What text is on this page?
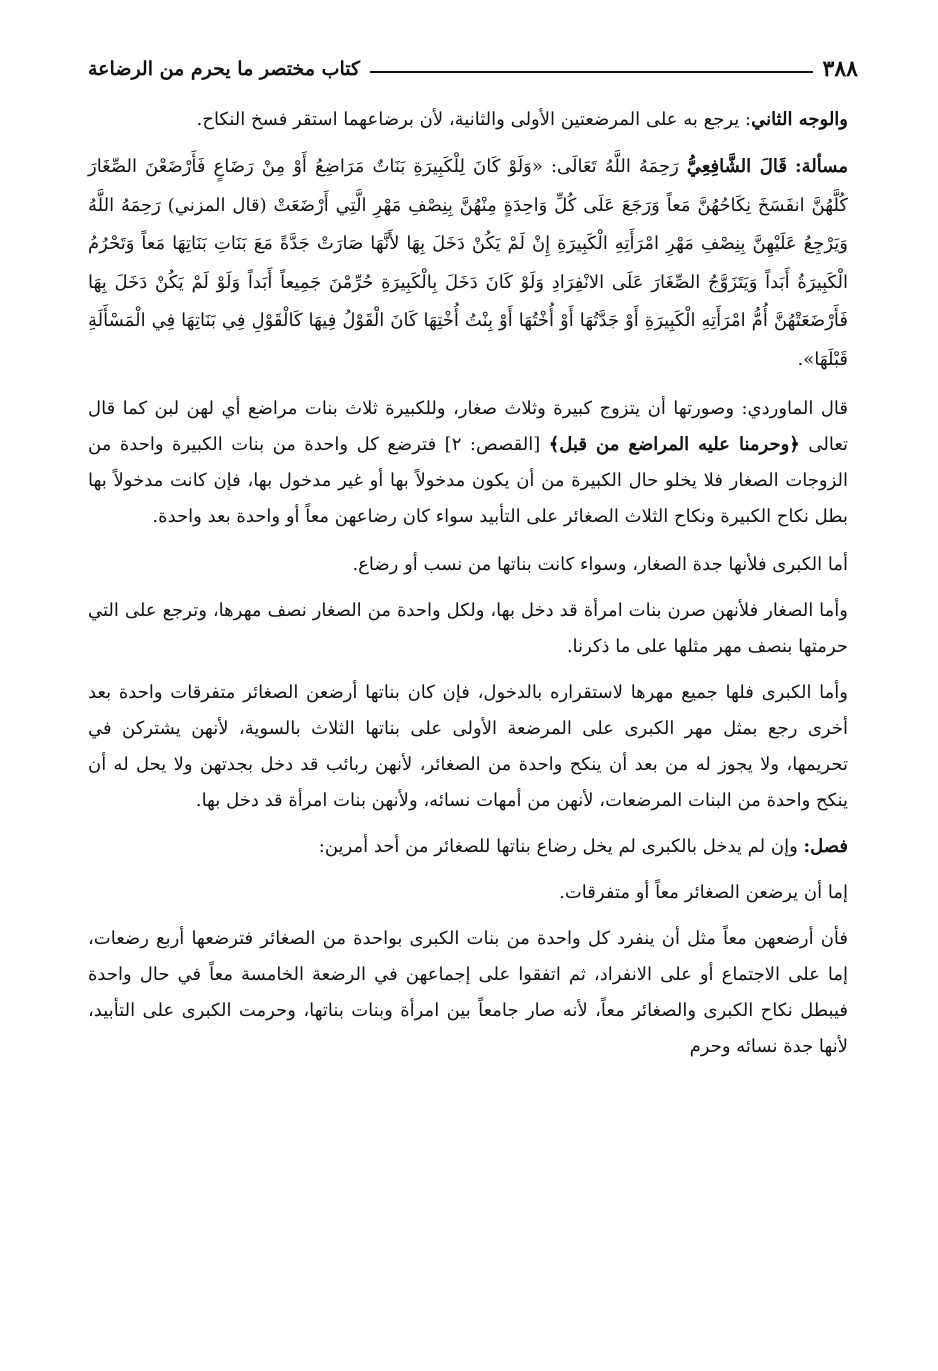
٣٨٨
كتاب مختصر ما يحرم من الرضاعة

والوجه الثاني: يرجع به على المرضعتين الأولى والثانية، لأن برضاعهما استقر فسخ النكاح.

مسألة: قَالَ الشَّافِعِيُّ رَحِمَهُ اللَّهُ تَعَالَى: «وَلَوْ كَانَ لِلْكَبِيرَةِ بَنَاتٌ مَرَاضِعُ أَوْ مِنْ رَضَاعٍ فَأَرْضَعْنَ الصِّغَارَ كُلَّهُنَّ انفَسَخَ نِكَاحُهُنَّ مَعاً وَرَجَعَ عَلَى كُلِّ وَاحِدَةٍ مِنْهُنَّ بِنِصْفِ مَهْرِ الَّتِي أَرْضَعَتْ (قال المزني) رَحِمَهُ اللَّهُ وَيَرْجِعُ عَلَيْهِنَّ بِنِصْفِ مَهْرِ امْرَأَتِهِ الْكَبِيرَةِ إِنْ لَمْ يَكُنْ دَخَلَ بِهَا لأَنَّهَا صَارَتْ جَدَّةً مَعَ بَنَاتِ بَنَاتِهَا مَعاً وَتَحْرُمُ الْكَبِيرَةُ أَبَداً وَيَتَزَوَّجُ الصِّغَارَ عَلَى الانْفِرَادِ وَلَوْ كَانَ دَخَلَ بِالْكَبِيرَةِ حُرِّمْنَ جَمِيعاً أَبَداً وَلَوْ لَمْ يَكُنْ دَخَلَ بِهَا فَأَرْضَعَتْهُنَّ أُمُّ امْرَأَتِهِ الْكَبِيرَةِ أَوْ جَدَّتُهَا أَوْ أُخْتُهَا أَوْ بِنْتُ أُخْتِهَا كَانَ الْقَوْلُ فِيهَا كَالْقَوْلِ فِي بَنَاتِهَا فِي الْمَسْأَلَةِ قَبْلَهَا».

قال الماوردي: وصورتها أن يتزوج كبيرة وثلاث صغار، وللكبيرة ثلاث بنات مراضع أي لهن لبن كما قال تعالى ﴿وحرمنا عليه المراضع من قبل﴾ [القصص: ٢] فترضع كل واحدة من بنات الكبيرة واحدة من الزوجات الصغار فلا يخلو حال الكبيرة من أن يكون مدخولاً بها أو غير مدخول بها، فإن كانت مدخولاً بها بطل نكاح الكبيرة ونكاح الثلاث الصغائر على التأبيد سواء كان رضاعهن معاً أو واحدة بعد واحدة.

أما الكبرى فلأنها جدة الصغار، وسواء كانت بناتها من نسب أو رضاع.

وأما الصغار فلأنهن صرن بنات امرأة قد دخل بها، ولكل واحدة من الصغار نصف مهرها، وترجع على التي حرمتها بنصف مهر مثلها على ما ذكرنا.

وأما الكبرى فلها جميع مهرها لاستقراره بالدخول، فإن كان بناتها أرضعن الصغائر متفرقات واحدة بعد أخرى رجع بمثل مهر الكبرى على المرضعة الأولى على بناتها الثلاث بالسوية، لأنهن يشتركن في تحريمها، ولا يجوز له من بعد أن ينكح واحدة من الصغائر، لأنهن ربائب قد دخل بجدتهن ولا يحل له أن ينكح واحدة من البنات المرضعات، لأنهن من أمهات نسائه، ولأنهن بنات امرأة قد دخل بها.

فصل: وإن لم يدخل بالكبرى لم يخل رضاع بناتها للصغائر من أحد أمرين:

إما أن يرضعن الصغائر معاً أو متفرقات.

فأن أرضعهن معاً مثل أن ينفرد كل واحدة من بنات الكبرى بواحدة من الصغائر فترضعها أربع رضعات، إما على الاجتماع أو على الانفراد، ثم اتفقوا على إجماعهن في الرضعة الخامسة معاً في حال واحدة فيبطل نكاح الكبرى والصغائر معاً، لأنه صار جامعاً بين امرأة وبنات بناتها، وحرمت الكبرى على التأبيد، لأنها جدة نسائه وحرم
